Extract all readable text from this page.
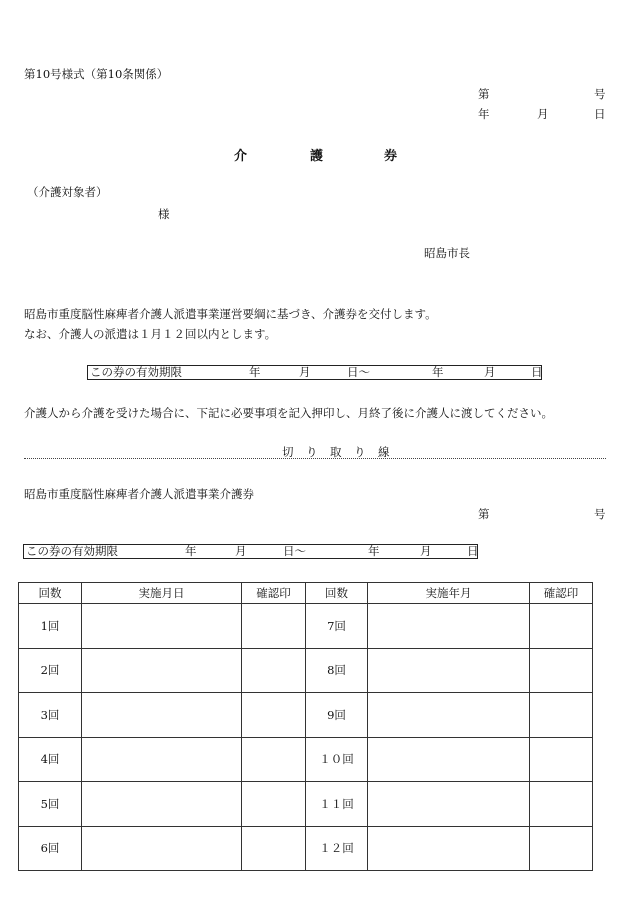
第10号様式（第10条関係）
第	号
年	月	日
介	護	券
（介護対象者）
様
昭島市長
昭島市重度脳性麻痺者介護人派遣事業運営要綱に基づき、介護券を交付します。
なお、介護人の派遣は１月１２回以内とします。
この券の有効期限	年	月	日～	年	月	日
介護人から介護を受けた場合に、下記に必要事項を記入押印し、月終了後に介護人に渡してください。
切 り 取 り 線
昭島市重度脳性麻痺者介護人派遣事業介護券
第	号
この券の有効期限	年	月	日～	年	月	日
回数	実施月日	確認印	回数	実施年月	確認印
1回			7回		
2回			8回		
3回			9回		
4回			１０回		
5回			１１回		
6回			１２回		
